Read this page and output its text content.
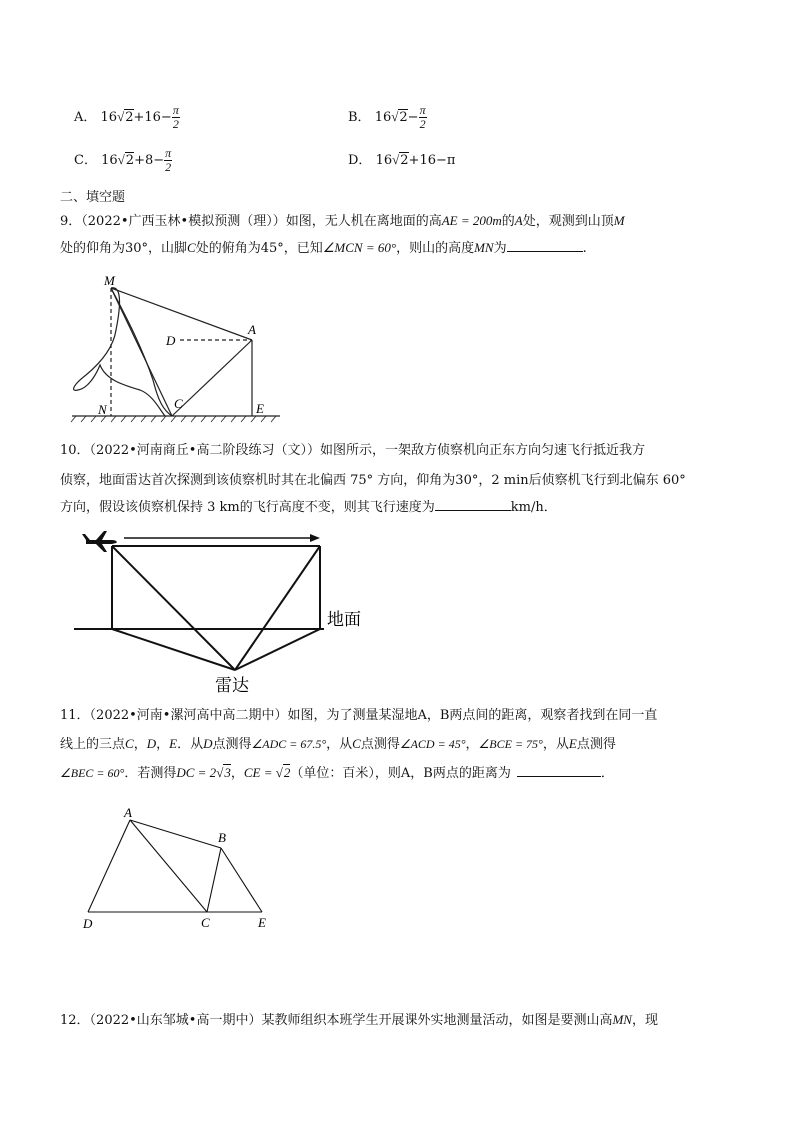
A． $16√2+16- \frac{\pi}{2}$	B． $16√2- \frac{\pi}{2}$
C． $16√2+8- \frac{\pi}{2}$	D． 16√2+16−π
二、填空题
9．（2022•广西玉林•模拟预测（理））如图，无人机在离地面的高AE = 200m的A处，观测到山顶M
处的仰角为30°，山脚C处的俯角为45°，已知∠MCN = 60°，则山的高度MN为	.
M
D
A
N	C	E
10．（2022•河南商丘•高二阶段练习（文））如图所示，一架敌方侦察机向正东方向匀速飞行抵近我方
侦察，地面雷达首次探测到该侦察机时其在北偏西 75° 方向，仰角为30°，2 min后侦察机飞行到北偏东 60°
方向，假设该侦察机保持 3 km的飞行高度不变，则其飞行速度为	km/h．
地面
雷达
11．（2022•河南•漯河高中高二期中）如图，为了测量某湿地A，B两点间的距离，观察者找到在同一直
线上的三点C，D，E．从D点测得∠ADC = 67.5°，从C点测得∠ACD = 45°，∠BCE = 75°，从E点测得
∠BEC = 60°．若测得DC = 2√3，CE = √2（单位：百米），则A，B两点的距离为	．
A
B
D	C	E
12．（2022•山东邹城•高一期中）某教师组织本班学生开展课外实地测量活动，如图是要测山高MN，现
